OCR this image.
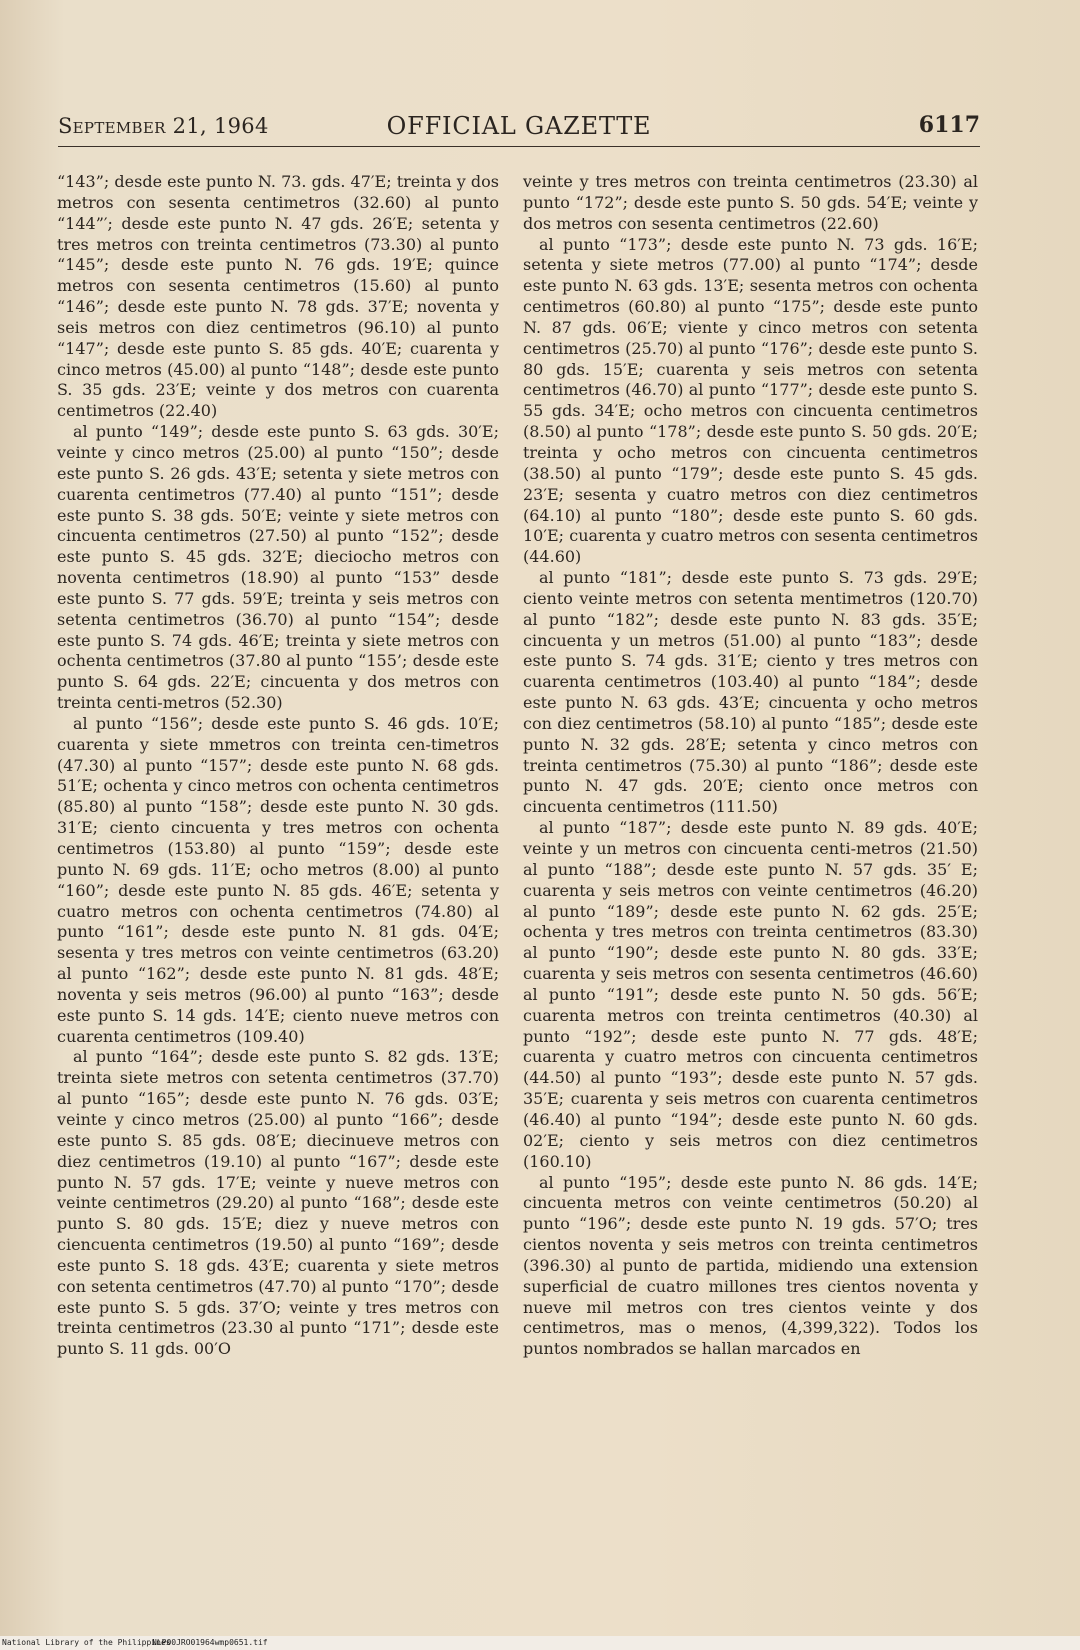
September 21, 1964	OFFICIAL GAZETTE	6117

“143”; desde este punto N. 73. gds. 47′E; treinta y dos metros con sesenta centimetros (32.60) al punto “144”′; desde este punto N. 47 gds. 26′E; setenta y tres metros con treinta centimetros (73.30) al punto “145”; desde este punto N. 76 gds. 19′E; quince metros con sesenta centimetros (15.60) al punto “146”; desde este punto N. 78 gds. 37′E; noventa y seis metros con diez centimetros (96.10) al punto “147”; desde este punto S. 85 gds. 40′E; cuarenta y cinco metros (45.00) al punto “148”; desde este punto S. 35 gds. 23′E; veinte y dos metros con cuarenta centimetros (22.40)

al punto “149”; desde este punto S. 63 gds. 30′E; veinte y cinco metros (25.00) al punto “150”; desde este punto S. 26 gds. 43′E; setenta y siete metros con cuarenta centimetros (77.40) al punto “151”; desde este punto S. 38 gds. 50′E; veinte y siete metros con cincuenta centimetros (27.50) al punto “152”; desde este punto S. 45 gds. 32′E; dieciocho metros con noventa centimetros (18.90) al punto “153” desde este punto S. 77 gds. 59′E; treinta y seis metros con setenta centimetros (36.70) al punto “154”; desde este punto S. 74 gds. 46′E; treinta y siete metros con ochenta centimetros (37.80 al punto “155’; desde este punto S. 64 gds. 22′E; cincuenta y dos metros con treinta centi-metros (52.30)

al punto “156”; desde este punto S. 46 gds. 10′E; cuarenta y siete mmetros con treinta cen-timetros (47.30) al punto “157”; desde este punto N. 68 gds. 51′E; ochenta y cinco metros con ochenta centimetros (85.80) al punto “158”; desde este punto N. 30 gds. 31′E; ciento cincuenta y tres metros con ochenta centimetros (153.80) al punto “159”; desde este punto N. 69 gds. 11′E; ocho metros (8.00) al punto “160”; desde este punto N. 85 gds. 46′E; setenta y cuatro metros con ochenta centimetros (74.80) al punto “161”; desde este punto N. 81 gds. 04′E; sesenta y tres metros con veinte centimetros (63.20) al punto “162”; desde este punto N. 81 gds. 48′E; noventa y seis metros (96.00) al punto “163”; desde este punto S. 14 gds. 14′E; ciento nueve metros con cuarenta centimetros (109.40)

al punto “164”; desde este punto S. 82 gds. 13′E; treinta siete metros con setenta centimetros (37.70) al punto “165”; desde este punto N. 76 gds. 03′E; veinte y cinco metros (25.00) al punto “166”; desde este punto S. 85 gds. 08′E; diecinueve metros con diez centimetros (19.10) al punto “167”; desde este punto N. 57 gds. 17′E; veinte y nueve metros con veinte centimetros (29.20) al punto “168”; desde este punto S. 80 gds. 15′E; diez y nueve metros con ciencuenta centimetros (19.50) al punto “169”; desde este punto S. 18 gds. 43′E; cuarenta y siete metros con setenta centimetros (47.70) al punto “170”; desde este punto S. 5 gds. 37′O; veinte y tres metros con treinta centimetros (23.30 al punto “171”; desde este punto S. 11 gds. 00′O

veinte y tres metros con treinta centimetros (23.30) al punto “172”; desde este punto S. 50 gds. 54′E; veinte y dos metros con sesenta centimetros (22.60)

al punto “173”; desde este punto N. 73 gds. 16′E; setenta y siete metros (77.00) al punto “174”; desde este punto N. 63 gds. 13′E; sesenta metros con ochenta centimetros (60.80) al punto “175”; desde este punto N. 87 gds. 06′E; viente y cinco metros con setenta centimetros (25.70) al punto “176”; desde este punto S. 80 gds. 15′E; cuarenta y seis metros con setenta centimetros (46.70) al punto “177”; desde este punto S. 55 gds. 34′E; ocho metros con cincuenta centimetros (8.50) al punto “178”; desde este punto S. 50 gds. 20′E; treinta y ocho metros con cincuenta centimetros (38.50) al punto “179”; desde este punto S. 45 gds. 23′E; sesenta y cuatro metros con diez centimetros (64.10) al punto “180”; desde este punto S. 60 gds. 10′E; cuarenta y cuatro metros con sesenta centimetros (44.60)

al punto “181”; desde este punto S. 73 gds. 29′E; ciento veinte metros con setenta mentimetros (120.70) al punto “182”; desde este punto N. 83 gds. 35′E; cincuenta y un metros (51.00) al punto “183”; desde este punto S. 74 gds. 31′E; ciento y tres metros con cuarenta centimetros (103.40) al punto “184”; desde este punto N. 63 gds. 43′E; cincuenta y ocho metros con diez centimetros (58.10) al punto “185”; desde este punto N. 32 gds. 28′E; setenta y cinco metros con treinta centimetros (75.30) al punto “186”; desde este punto N. 47 gds. 20′E; ciento once metros con cincuenta centimetros (111.50)

al punto “187”; desde este punto N. 89 gds. 40′E; veinte y un metros con cincuenta centi-metros (21.50) al punto “188”; desde este punto N. 57 gds. 35′ E; cuarenta y seis metros con veinte centimetros (46.20) al punto “189”; desde este punto N. 62 gds. 25′E; ochenta y tres metros con treinta centimetros (83.30) al punto “190”; desde este punto N. 80 gds. 33′E; cuarenta y seis metros con sesenta centimetros (46.60) al punto “191”; desde este punto N. 50 gds. 56′E; cuarenta metros con treinta centimetros (40.30) al punto “192”; desde este punto N. 77 gds. 48′E; cuarenta y cuatro metros con cincuenta centimetros (44.50) al punto “193”; desde este punto N. 57 gds. 35′E; cuarenta y seis metros con cuarenta centimetros (46.40) al punto “194”; desde este punto N. 60 gds. 02′E; ciento y seis metros con diez centimetros (160.10)

al punto “195”; desde este punto N. 86 gds. 14′E; cincuenta metros con veinte centimetros (50.20) al punto “196”; desde este punto N. 19 gds. 57′O; tres cientos noventa y seis metros con treinta centimetros (396.30) al punto de partida, midiendo una extension superficial de cuatro millones tres cientos noventa y nueve mil metros con tres cientos veinte y dos centimetros, mas o menos, (4,399,322). Todos los puntos nombrados se hallan marcados en

National Library of the Philippines
NLP00JRO01964wmp0651.tif
